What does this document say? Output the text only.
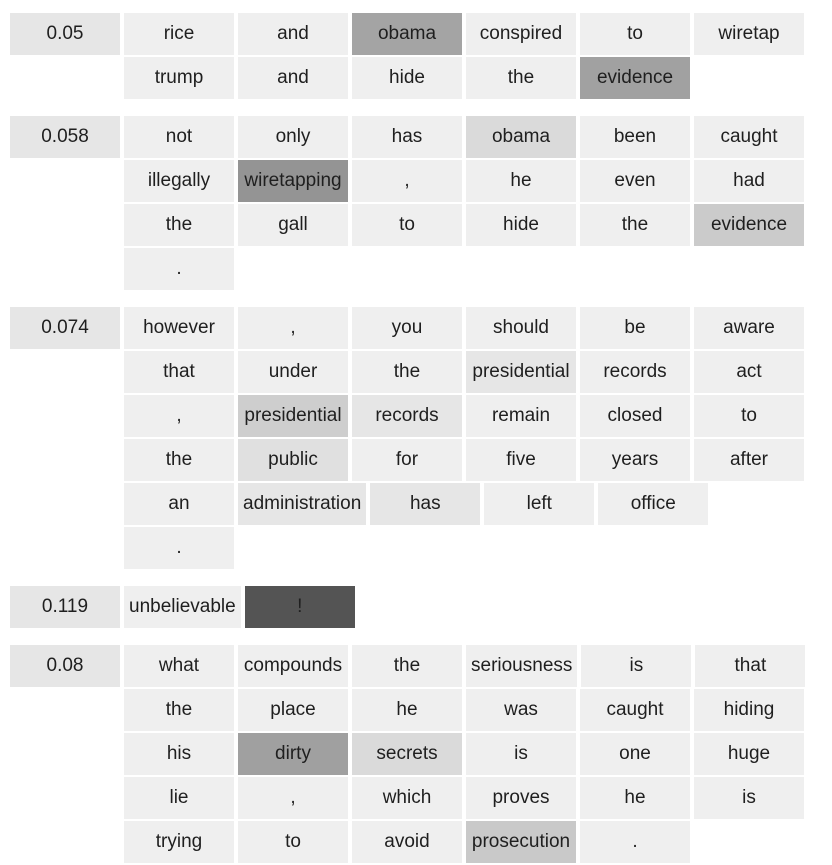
0.05	rice	and	obama	conspired	to	wiretap
trump	and	hide	the	evidence
0.058	not	only	has	obama	been	caught
illegally	wiretapping	,	he	even	had
the	gall	to	hide	the	evidence
.
0.074	however	,	you	should	be	aware
that	under	the	presidential	records	act
,	presidential	records	remain	closed	to
the	public	for	five	years	after
an	administration	has	left	office
.
0.119	unbelievable	!
0.08	what	compounds	the	seriousness	is	that
the	place	he	was	caught	hiding
his	dirty	secrets	is	one	huge
lie	,	which	proves	he	is
trying	to	avoid	prosecution	.
